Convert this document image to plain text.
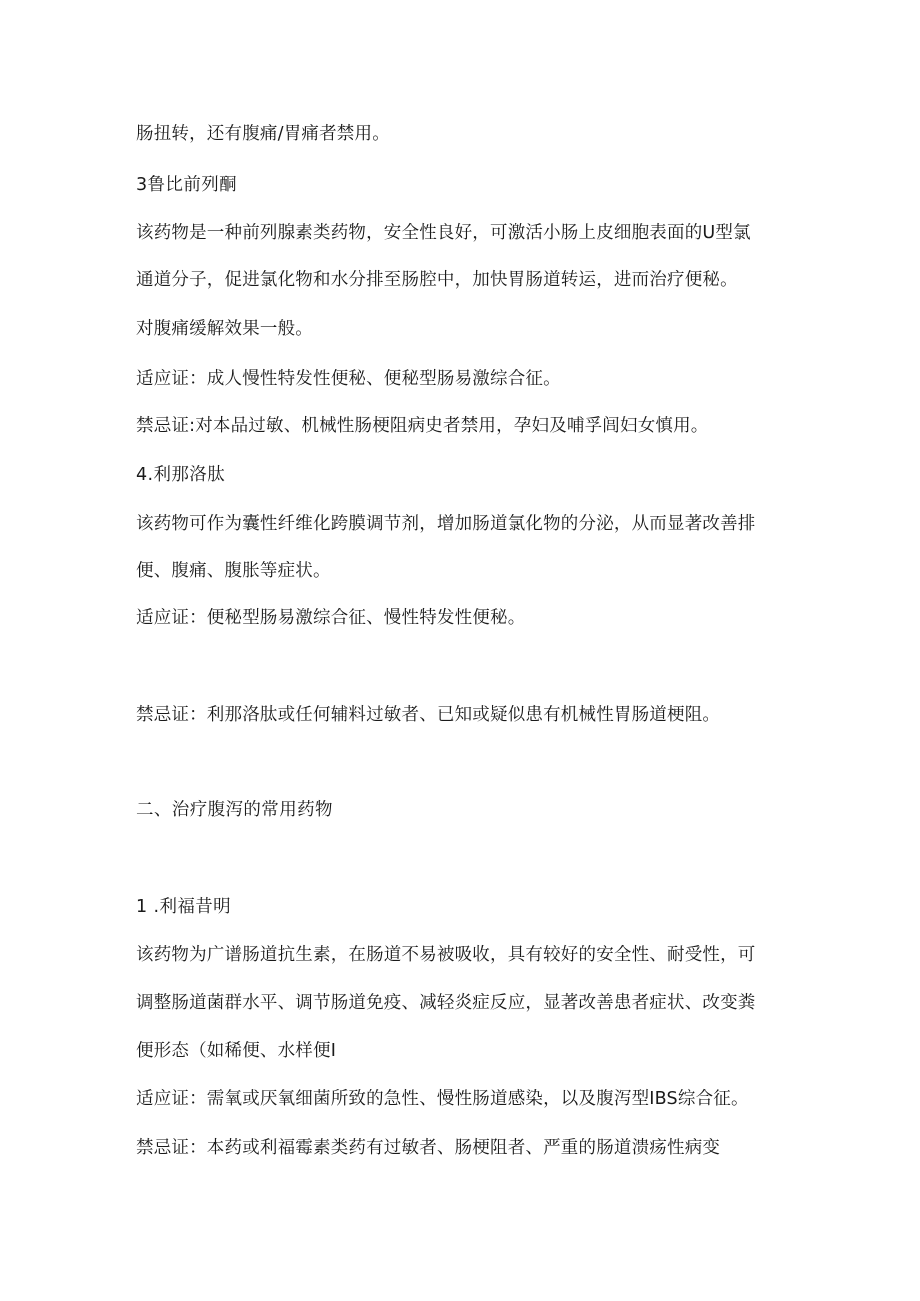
肠扭转，还有腹痛/胃痛者禁用。
3鲁比前列酮
该药物是一种前列腺素类药物，安全性良好，可激活小肠上皮细胞表面的U型氯
通道分子，促进氯化物和水分排至肠腔中，加快胃肠道转运，进而治疗便秘。
对腹痛缓解效果一般。
适应证：成人慢性特发性便秘、便秘型肠易激综合征。
禁忌证:对本品过敏、机械性肠梗阻病史者禁用，孕妇及哺孚闾妇女慎用。
4.利那洛肽
该药物可作为囊性纤维化跨膜调节剂，增加肠道氯化物的分泌，从而显著改善排
便、腹痛、腹胀等症状。
适应证：便秘型肠易激综合征、慢性特发性便秘。
禁忌证：利那洛肽或任何辅料过敏者、已知或疑似患有机械性胃肠道梗阻。
二、治疗腹泻的常用药物
1 .利福昔明
该药物为广谱肠道抗生素，在肠道不易被吸收，具有较好的安全性、耐受性，可
调整肠道菌群水平、调节肠道免疫、减轻炎症反应，显著改善患者症状、改变粪
便形态（如稀便、水样便I
适应证：需氧或厌氧细菌所致的急性、慢性肠道感染，以及腹泻型IBS综合征。
禁忌证：本药或利福霉素类药有过敏者、肠梗阻者、严重的肠道溃疡性病变
